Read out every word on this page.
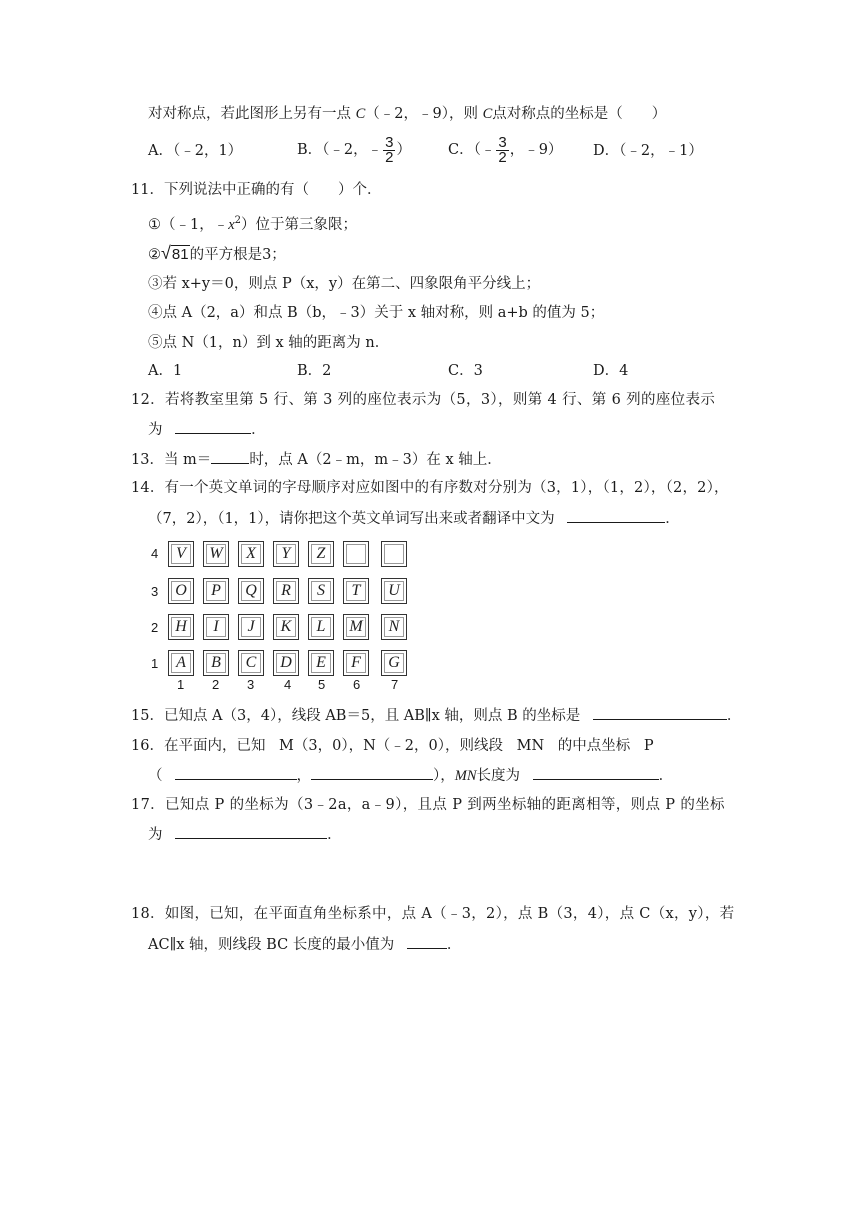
对对称点，若此图形上另有一点 C（﹣2，﹣9），则 C点对称点的坐标是（　　）
A．（﹣2，1）	B．（﹣2，﹣ $\frac{3}{2}$ ）	C．（﹣ $\frac{3}{2}$ ，﹣9） D．（﹣2，﹣1）
11．下列说法中正确的有（　　）个．
①（﹣1，$﹣x^2$）位于第三象限；
②√81的平方根是3；
③若 x+y＝0，则点 P（x，y）在第二、四象限角平分线上；
④点 A（2，a）和点 B（b，﹣3）关于 x 轴对称，则 a+b 的值为 5；
⑤点 N（1，n）到 x 轴的距离为 n．
A．1	B．2	C．3	D．4
12．若将教室里第 5 行、第 3 列的座位表示为（5，3），则第 4 行、第 6 列的座位表示
为	．
13．当 m＝	时，点 A（2﹣m，m﹣3）在 x 轴上．
14．有一个英文单词的字母顺序对应如图中的有序数对分别为（3，1），（1，2），（2，2），
（7，2），（1，1），请你把这个英文单词写出来或者翻译中文为	．
4	V	W	X	Y	Z
3	O	P	Q	R	S	T	U
2	H	I	J	K	L	M	N
1	A	B	C	D	E	F	G
1 2 3 4 5 6 7
15．已知点 A（3，4），线段 AB＝5，且 AB∥x 轴，则点 B 的坐标是	．
16．在平面内，已知 M（3，0），N（﹣2，0），则线段 MN 的中点坐标 P
（	，	），MN长度为	．
17．已知点 P 的坐标为（3﹣2a，a﹣9），且点 P 到两坐标轴的距离相等，则点 P 的坐标
为	．
18．如图，已知，在平面直角坐标系中，点 A（﹣3，2），点 B（3，4），点 C（x，y），若
AC∥x 轴，则线段 BC 长度的最小值为	．
